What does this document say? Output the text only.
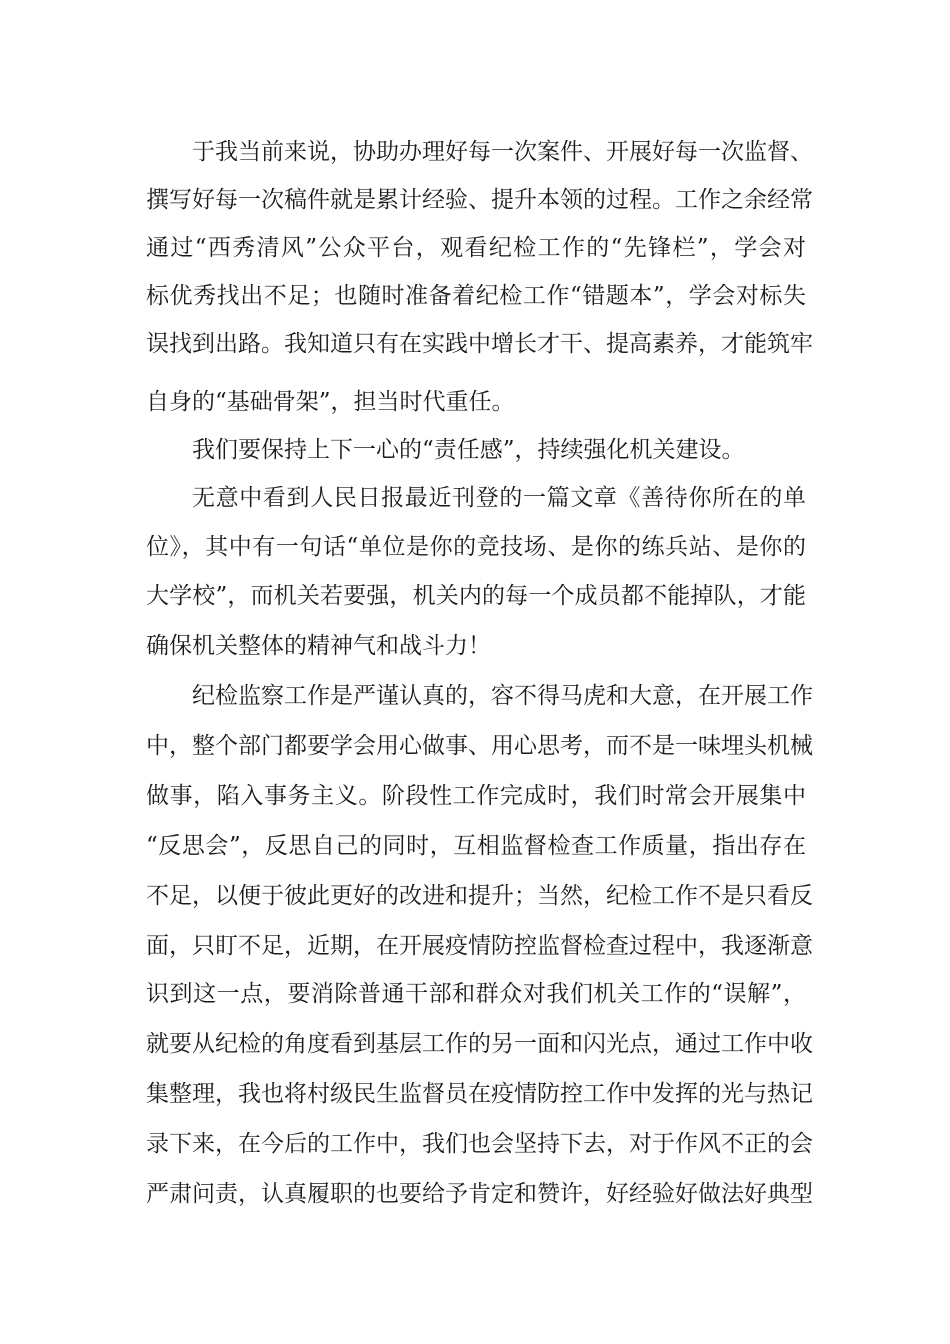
于我当前来说，协助办理好每一次案件、开展好每一次监督、
撰写好每一次稿件就是累计经验、提升本领的过程。工作之余经常
通过“西秀清风”公众平台，观看纪检工作的“先锋栏”，学会对
标优秀找出不足；也随时准备着纪检工作“错题本”，学会对标失
误找到出路。我知道只有在实践中增长才干、提高素养，才能筑牢
自身的“基础骨架”，担当时代重任。
我们要保持上下一心的“责任感”，持续强化机关建设。
无意中看到人民日报最近刊登的一篇文章《善待你所在的单
位》，其中有一句话“单位是你的竞技场、是你的练兵站、是你的
大学校”，而机关若要强，机关内的每一个成员都不能掉队，才能
确保机关整体的精神气和战斗力！
纪检监察工作是严谨认真的，容不得马虎和大意，在开展工作
中，整个部门都要学会用心做事、用心思考，而不是一味埋头机械
做事，陷入事务主义。阶段性工作完成时，我们时常会开展集中
“反思会”，反思自己的同时，互相监督检查工作质量，指出存在
不足，以便于彼此更好的改进和提升；当然，纪检工作不是只看反
面，只盯不足，近期，在开展疫情防控监督检查过程中，我逐渐意
识到这一点，要消除普通干部和群众对我们机关工作的“误解”，
就要从纪检的角度看到基层工作的另一面和闪光点，通过工作中收
集整理，我也将村级民生监督员在疫情防控工作中发挥的光与热记
录下来，在今后的工作中，我们也会坚持下去，对于作风不正的会
严肃问责，认真履职的也要给予肯定和赞许，好经验好做法好典型
